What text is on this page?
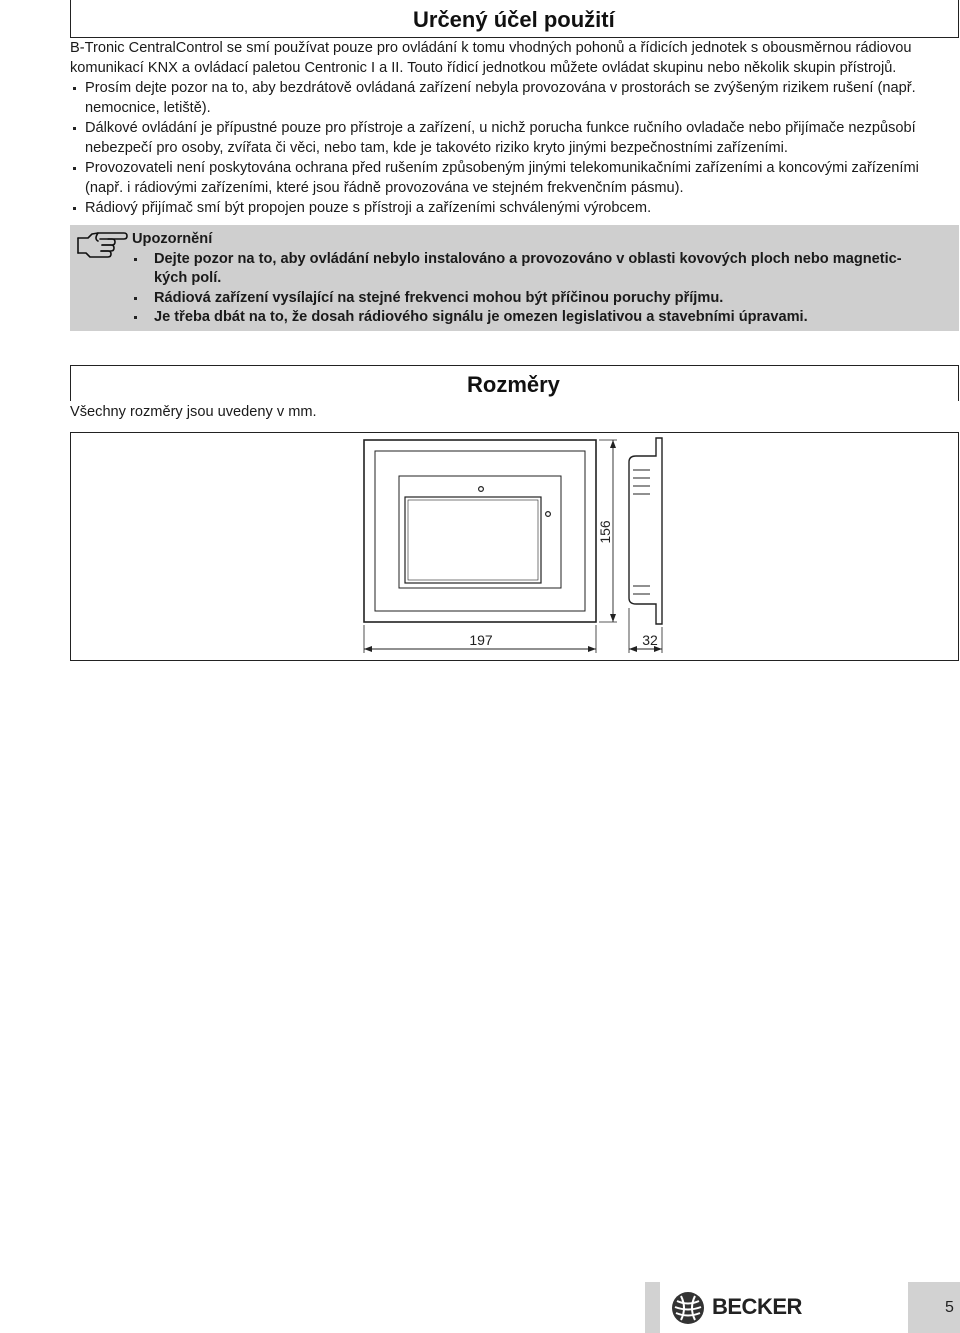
Určený účel použití
B-Tronic CentralControl se smí používat pouze pro ovládání k tomu vhodných pohonů a řídicích jednotek s obousměrnou rádiovou
komunikací KNX a ovládací paletou Centronic I a II. Touto řídicí jednotkou můžete ovládat skupinu nebo několik skupin přístrojů.
Prosím dejte pozor na to, aby bezdrátově ovládaná zařízení nebyla provozována v prostorách se zvýšeným rizikem rušení (např.
nemocnice, letiště).
Dálkové ovládání je přípustné pouze pro přístroje a zařízení, u nichž porucha funkce ručního ovladače nebo přijímače nezpůsobí
nebezpečí pro osoby, zvířata či věci, nebo tam, kde je takovéto riziko kryto jinými bezpečnostními zařízeními.
Provozovateli není poskytována ochrana před rušením způsobeným jinými telekomunikačními zařízeními a koncovými zařízeními
(např. i rádiovými zařízeními, které jsou řádně provozována ve stejném frekvenčním pásmu).
Rádiový přijímač smí být propojen pouze s přístroji a zařízeními schválenými výrobcem.
Upozornění
Dejte pozor na to, aby ovládání nebylo instalováno a provozováno v oblasti kovových ploch nebo magnetic-
kých polí.
Rádiová zařízení vysílající na stejné frekvenci mohou být příčinou poruchy příjmu.
Je třeba dbát na to, že dosah rádiového signálu je omezen legislativou a stavebními úpravami.
Rozměry
Všechny rozměry jsou uvedeny v mm.
197	32
156
BECKER	5
